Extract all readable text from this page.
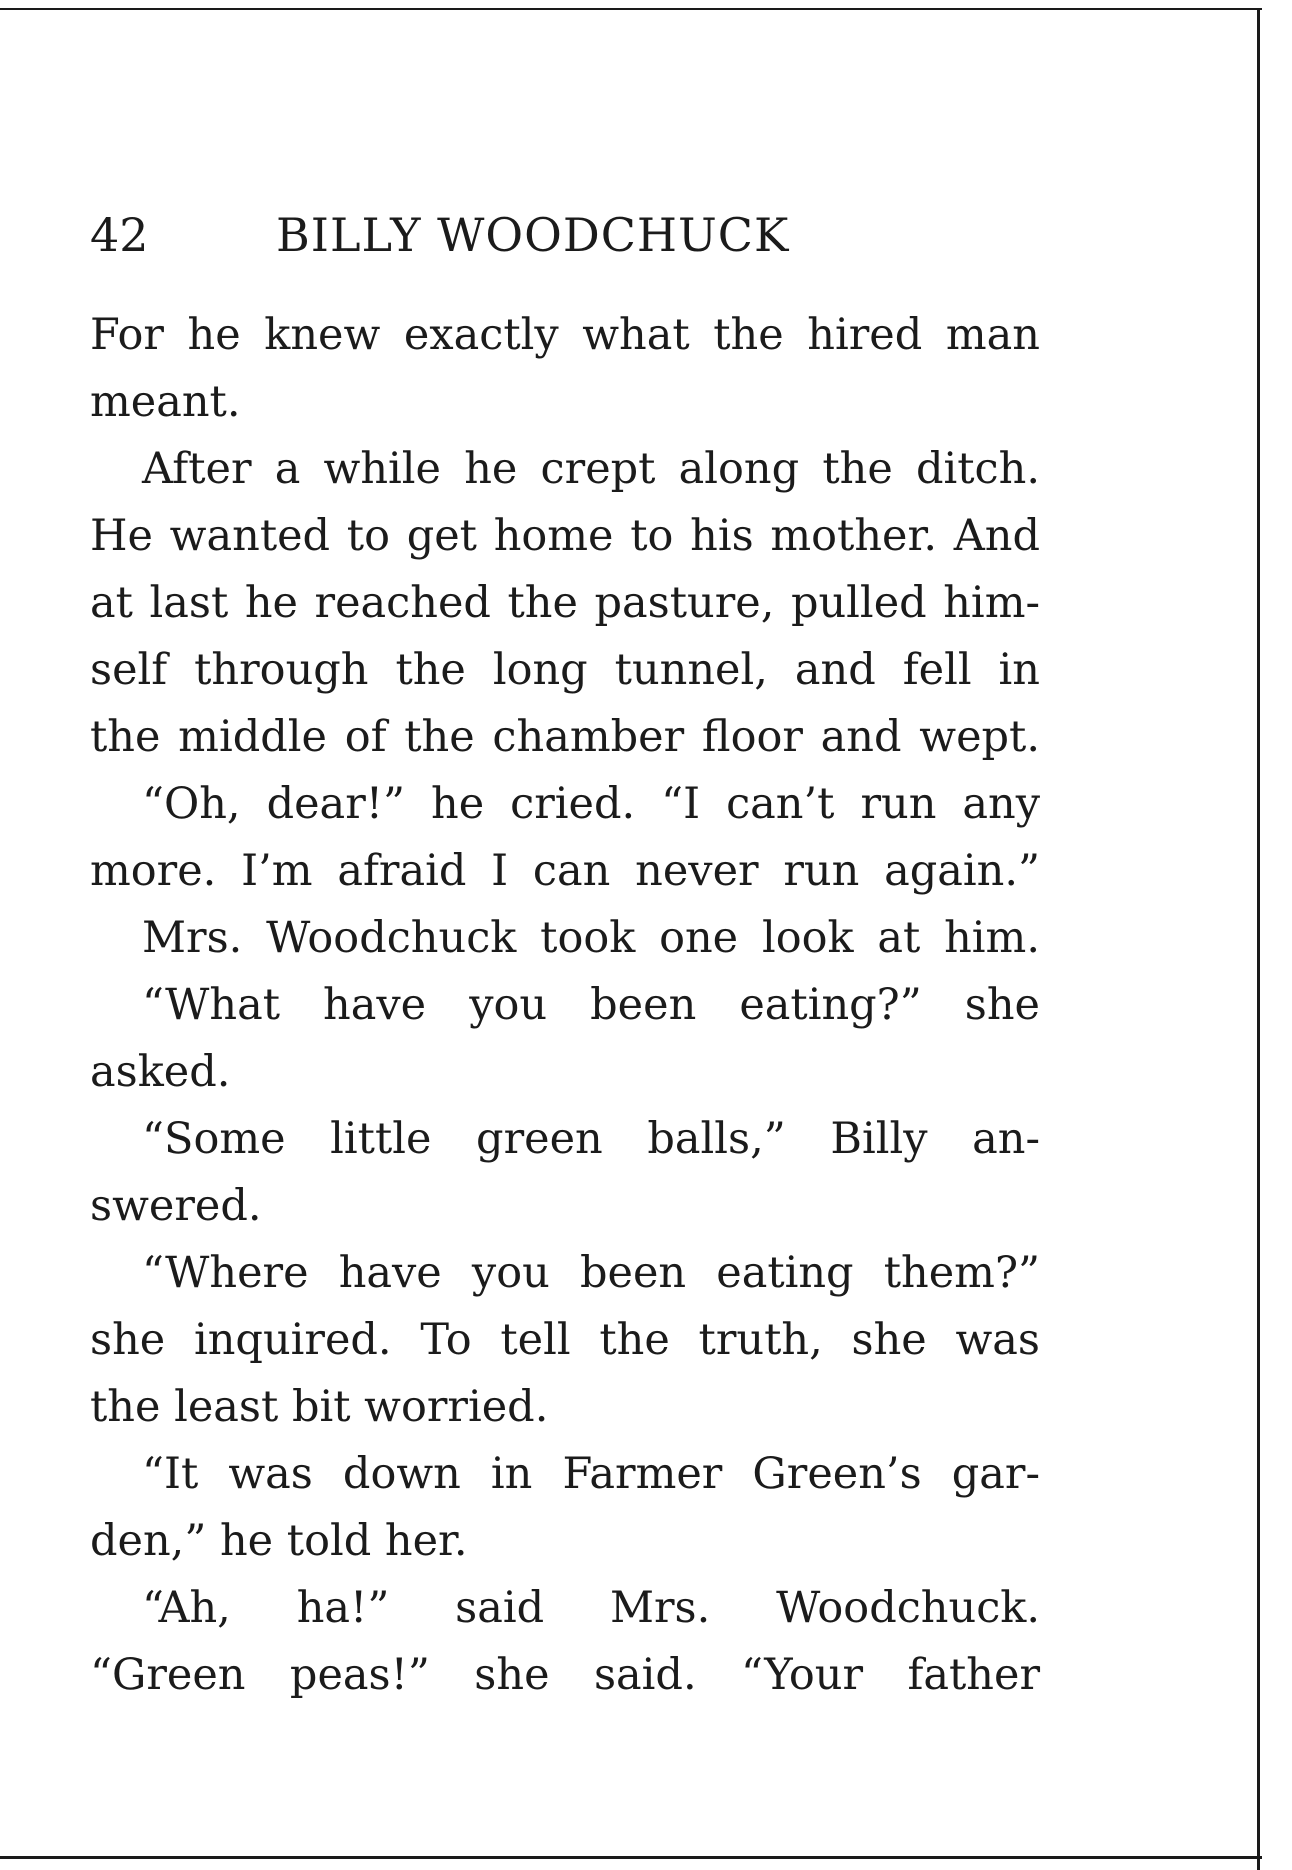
42	BILLY WOODCHUCK
For he knew exactly what the hired man
meant.
After a while he crept along the ditch.
He wanted to get home to his mother. And
at last he reached the pasture, pulled him-
self through the long tunnel, and fell in
the middle of the chamber floor and wept.
“Oh, dear!” he cried. “I can’t run any
more. I’m afraid I can never run again.”
Mrs. Woodchuck took one look at him.
“What have you been eating?” she
asked.
“Some little green balls,” Billy an-
swered.
“Where have you been eating them?”
she inquired. To tell the truth, she was
the least bit worried.
“It was down in Farmer Green’s gar-
den,” he told her.
“Ah, ha!” said Mrs. Woodchuck.
“Green peas!” she said. “Your father
